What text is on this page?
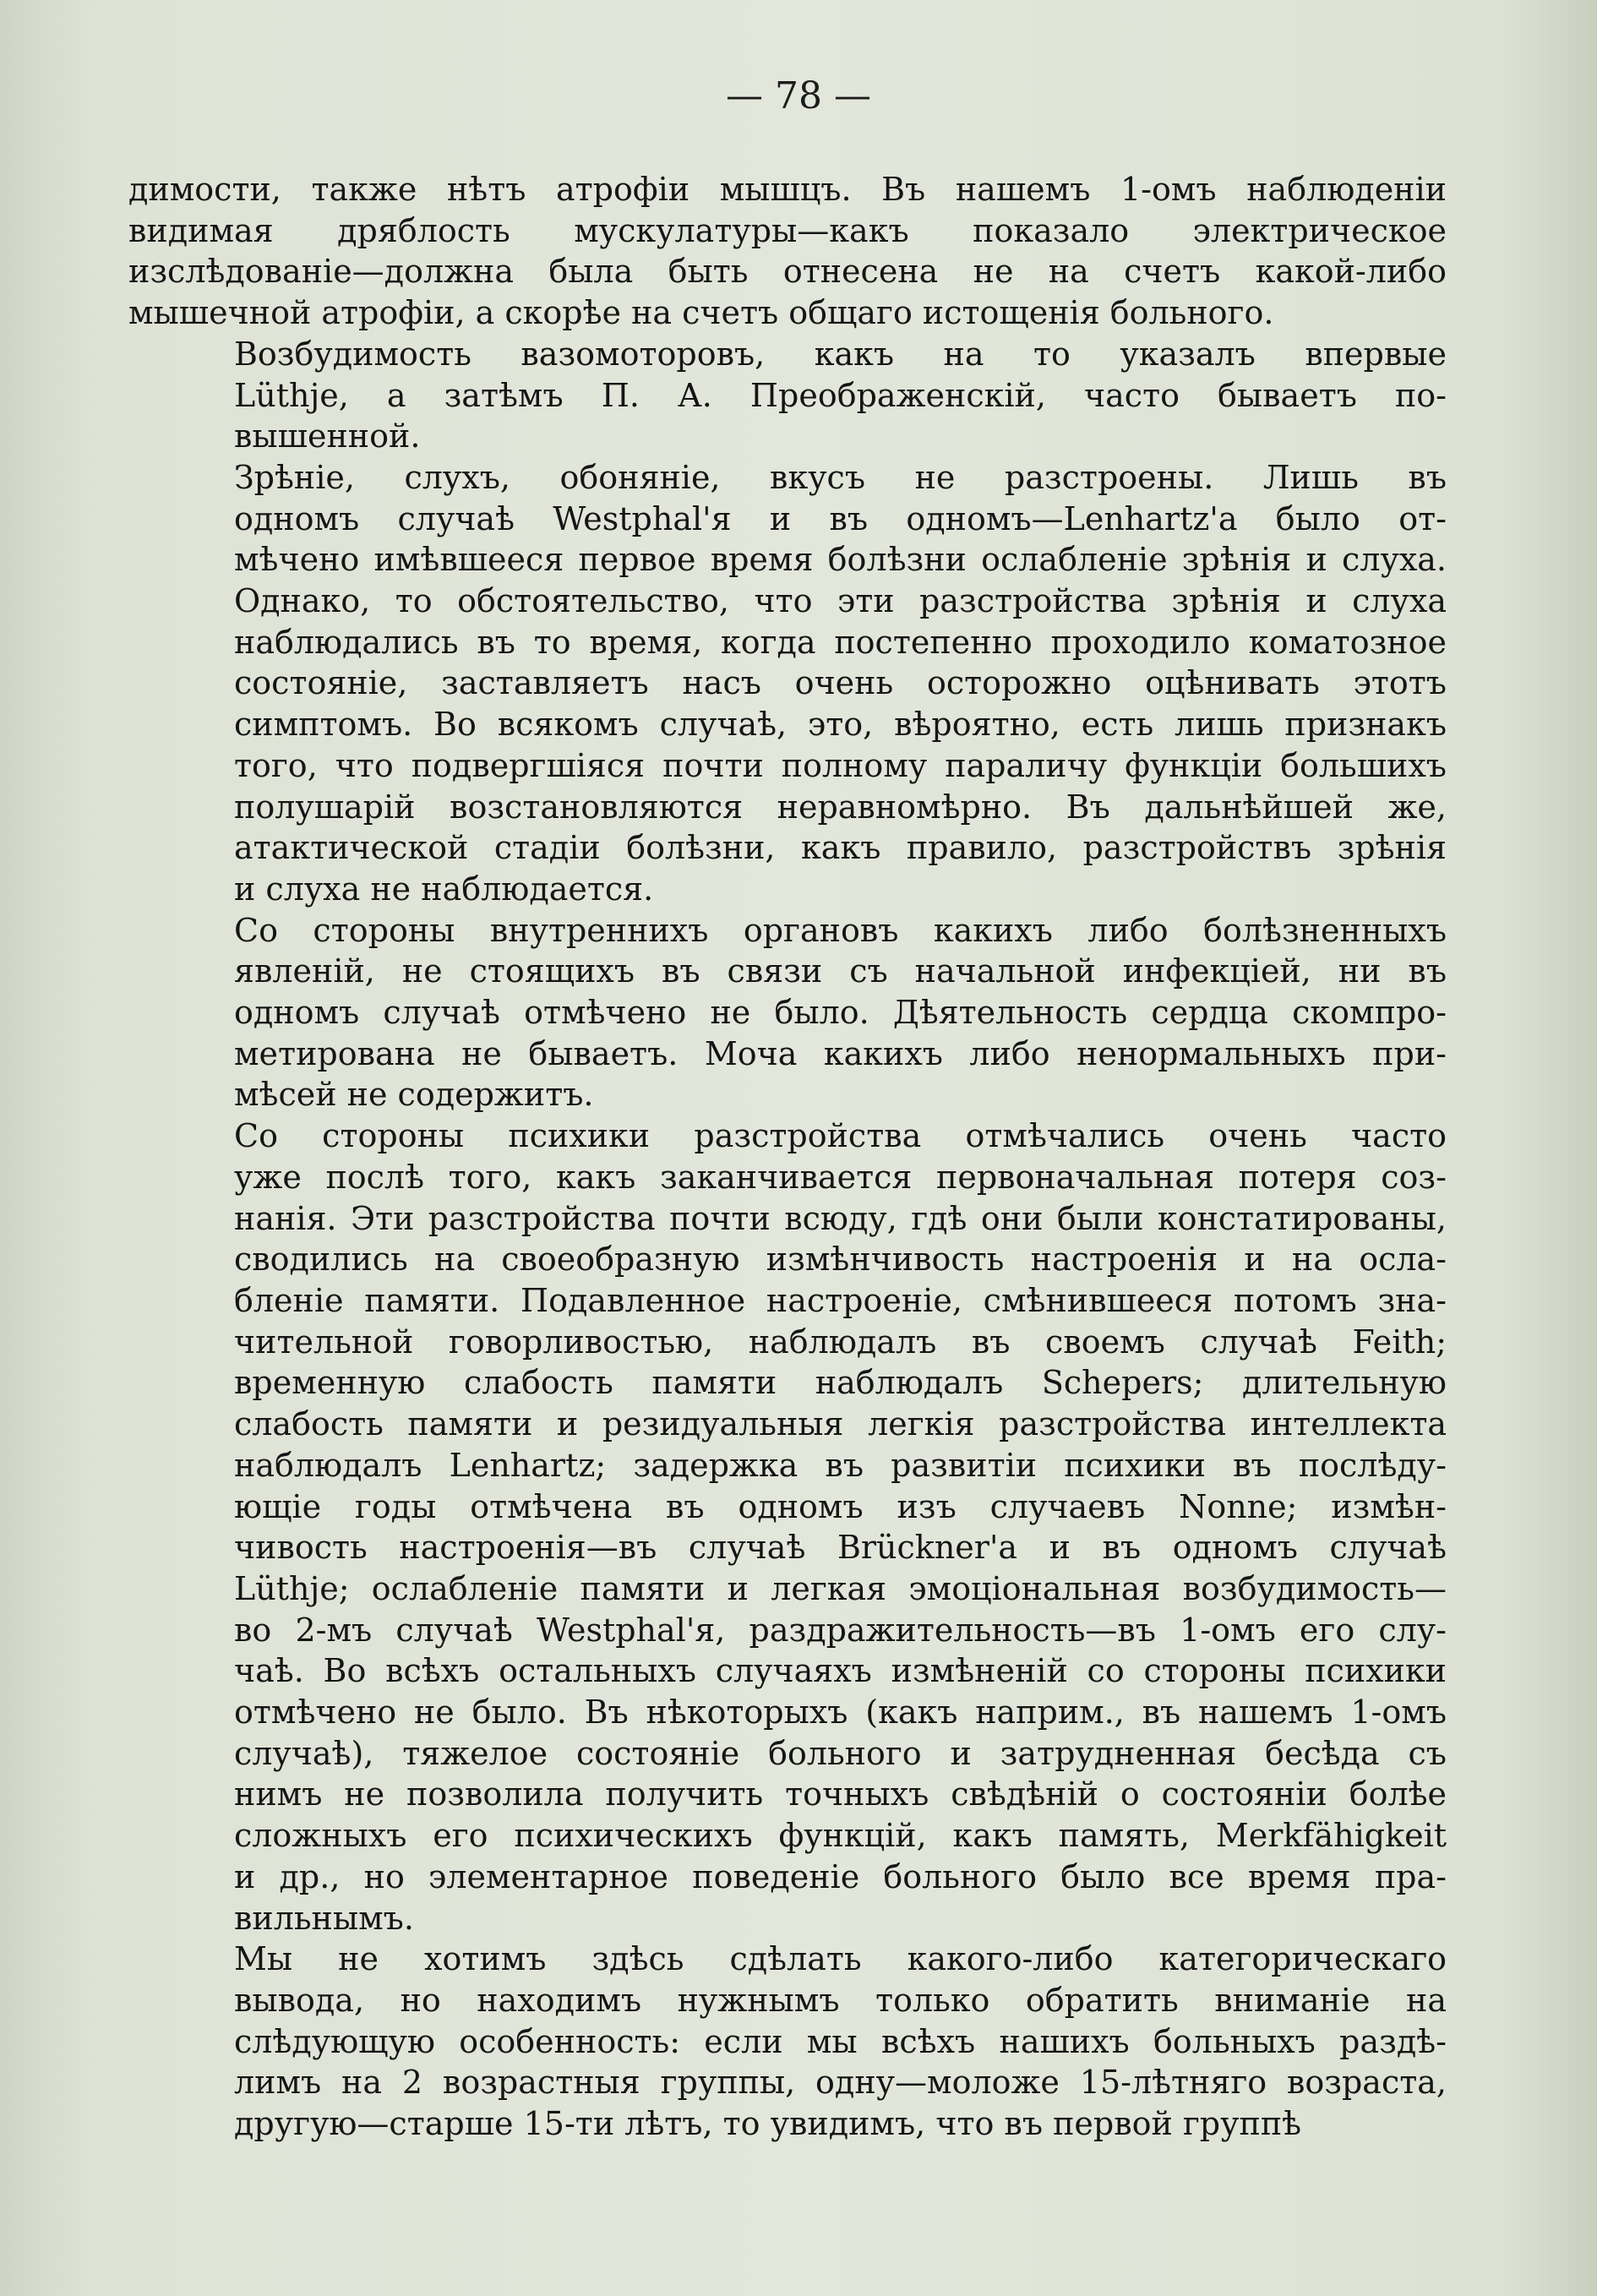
— 78 —
димости, также нѣтъ атрофіи мышцъ. Въ нашемъ 1-омъ наблюденіи
видимая дряблость мускулатуры—какъ показало электрическое
изслѣдованіе—должна была быть отнесена не на счетъ какой-либо
мышечной атрофіи, а скорѣе на счетъ общаго истощенія больного.
Возбудимость вазомоторовъ, какъ на то указалъ впервые
Lüthje, а затѣмъ П. А. Преображенскій, часто бываетъ по-
вышенной.
Зрѣніе, слухъ, обоняніе, вкусъ не разстроены. Лишь въ
одномъ случаѣ Westphal'я и въ одномъ—Lenhartz'а было от-
мѣчено имѣвшееся первое время болѣзни ослабленіе зрѣнія и слуха.
Однако, то обстоятельство, что эти разстройства зрѣнія и слуха
наблюдались въ то время, когда постепенно проходило коматозное
состояніе, заставляетъ насъ очень осторожно оцѣнивать этотъ
симптомъ. Во всякомъ случаѣ, это, вѣроятно, есть лишь признакъ
того, что подвергшіяся почти полному параличу функціи большихъ
полушарій возстановляются неравномѣрно. Въ дальнѣйшей же,
атактической стадіи болѣзни, какъ правило, разстройствъ зрѣнія
и слуха не наблюдается.
Со стороны внутреннихъ органовъ какихъ либо болѣзненныхъ
явленій, не стоящихъ въ связи съ начальной инфекціей, ни въ
одномъ случаѣ отмѣчено не было. Дѣятельность сердца скомпро-
метирована не бываетъ. Моча какихъ либо ненормальныхъ при-
мѣсей не содержитъ.
Со стороны психики разстройства отмѣчались очень часто
уже послѣ того, какъ заканчивается первоначальная потеря соз-
нанія. Эти разстройства почти всюду, гдѣ они были констатированы,
сводились на своеобразную измѣнчивость настроенія и на осла-
бленіе памяти. Подавленное настроеніе, смѣнившееся потомъ зна-
чительной говорливостью, наблюдалъ въ своемъ случаѣ Feith;
временную слабость памяти наблюдалъ Schepers; длительную
слабость памяти и резидуальныя легкія разстройства интеллекта
наблюдалъ Lenhartz; задержка въ развитіи психики въ послѣду-
ющіе годы отмѣчена въ одномъ изъ случаевъ Nonne; измѣн-
чивость настроенія—въ случаѣ Brückner'а и въ одномъ случаѣ
Lüthje; ослабленіе памяти и легкая эмоціональная возбудимость—
во 2-мъ случаѣ Westphal'я, раздражительность—въ 1-омъ его слу-
чаѣ. Во всѣхъ остальныхъ случаяхъ измѣненій со стороны психики
отмѣчено не было. Въ нѣкоторыхъ (какъ наприм., въ нашемъ 1-омъ
случаѣ), тяжелое состояніе больного и затрудненная бесѣда съ
нимъ не позволила получить точныхъ свѣдѣній о состояніи болѣе
сложныхъ его психическихъ функцій, какъ память, Merkfähigkeit
и др., но элементарное поведеніе больного было все время пра-
вильнымъ.
Мы не хотимъ здѣсь сдѣлать какого-либо категорическаго
вывода, но находимъ нужнымъ только обратить вниманіе на
слѣдующую особенность: если мы всѣхъ нашихъ больныхъ раздѣ-
лимъ на 2 возрастныя группы, одну—моложе 15-лѣтняго возраста,
другую—старше 15-ти лѣтъ, то увидимъ, что въ первой группѣ
